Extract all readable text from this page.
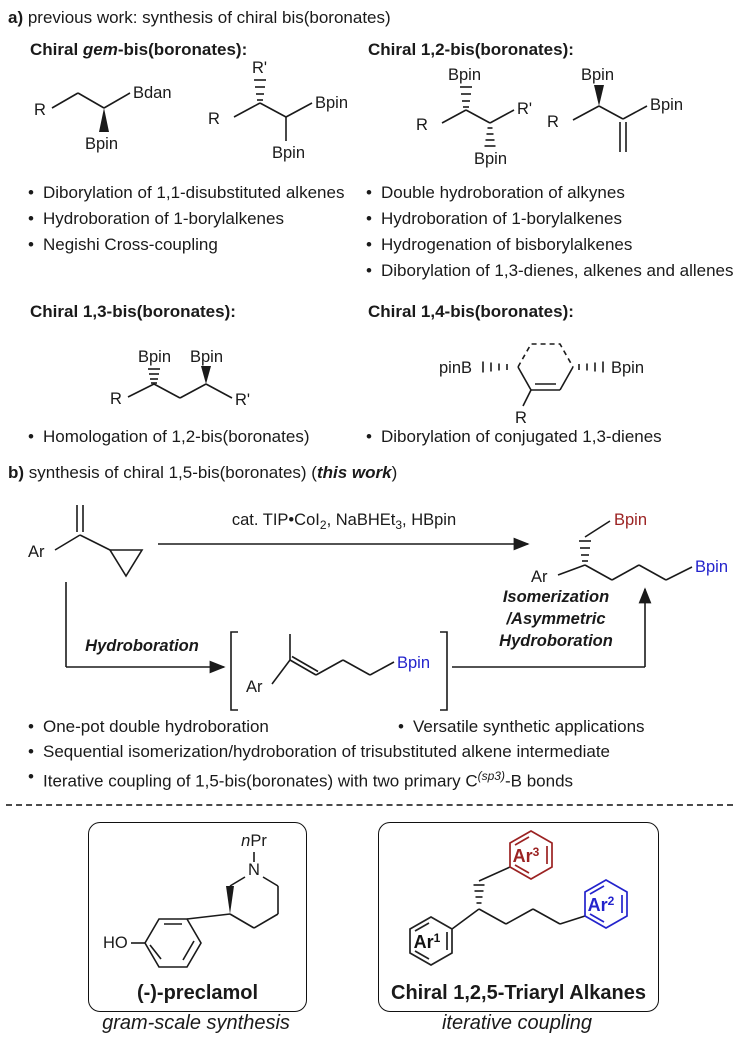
a) previous work: synthesis of chiral bis(boronates)
Chiral gem-bis(boronates):	Chiral 1,2-bis(boronates):
R
Bdan
Bpin
R'
R
Bpin
Bpin
Bpin
R
R'
Bpin
Bpin
R
Bpin
• Diborylation of 1,1-disubstituted alkenes
• Hydroboration of 1-borylalkenes
• Negishi Cross-coupling
• Double hydroboration of alkynes
• Hydroboration of 1-borylalkenes
• Hydrogenation of bisborylalkenes
• Diborylation of 1,3-dienes, alkenes and allenes
Chiral 1,3-bis(boronates):	Chiral 1,4-bis(boronates):
Bpin Bpin
R	R'
pinB	Bpin
R
• Homologation of 1,2-bis(boronates)	• Diborylation of conjugated 1,3-dienes
b) synthesis of chiral 1,5-bis(boronates) (this work)
Ar
cat. TIP•CoI$_2$, NaBHEt$_3$, HBpin
Hydroboration
Isomerization
/Asymmetric
Hydroboration
Ar
Bpin
Ar
Bpin
Bpin
• One-pot double hydroboration	• Versatile synthetic applications
• Sequential isomerization/hydroboration of trisubstituted alkene intermediate
• Iterative coupling of 1,5-bis(boronates) with two primary $C^{(sp3)}-B$ bonds
nPr
N
HO
(-)-preclamol
Ar$^1$
Ar$^3$
Ar$^2$
Chiral 1,2,5-Triaryl Alkanes
gram-scale synthesis	iterative coupling
